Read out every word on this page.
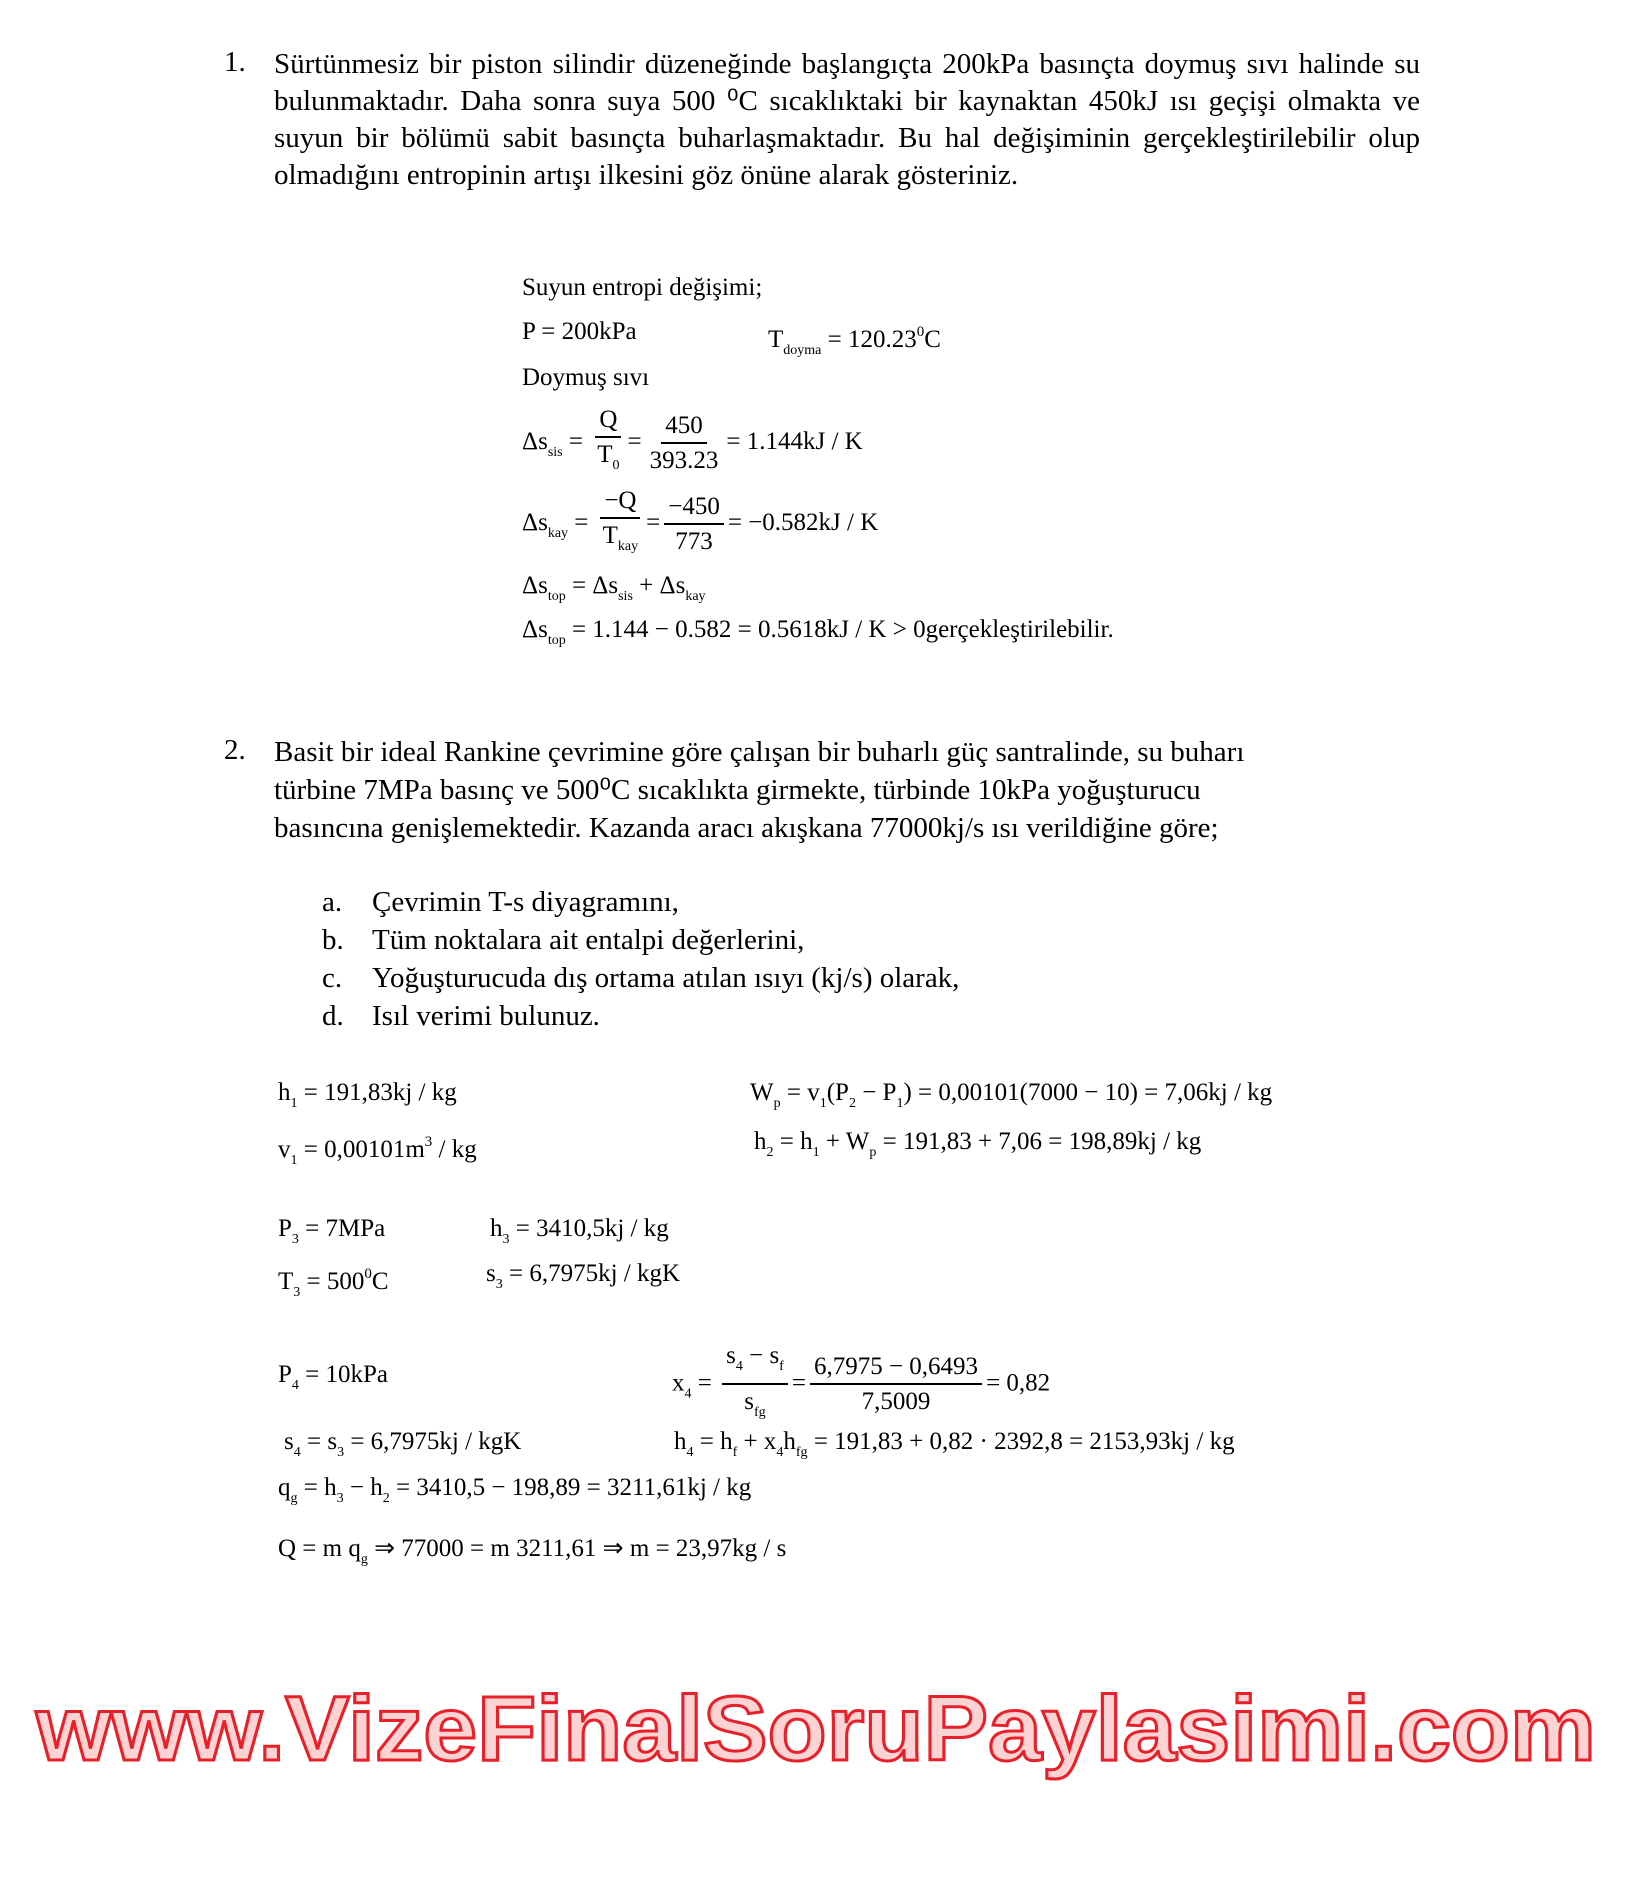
1. Sürtünmesiz bir piston silindir düzeneğinde başlangıçta 200kPa basınçta doymuş sıvı halinde su bulunmaktadır. Daha sonra suya 500 ⁰C sıcaklıktaki bir kaynaktan 450kJ ısı geçişi olmakta ve suyun bir bölümü sabit basınçta buharlaşmaktadır. Bu hal değişiminin gerçekleştirilebilir olup olmadığını entropinin artışı ilkesini göz önüne alarak gösteriniz.
Suyun entropi değişimi;
P = 200kPa	$T_{doyma} = 120.23^0C$
Doymuş sıvı
$\Delta s_{sis} = \frac{Q}{T_0} = \frac{450}{393.23} = 1.144kJ / K$
$\Delta s_{kay} = \frac{-Q}{T_{kay}} = \frac{-450}{773} = -0.582kJ / K$
$\Delta s_{top} = \Delta s_{sis} + \Delta s_{kay}$
$\Delta s_{top} = 1.144 - 0.582 = 0.5618kJ / K$ > 0gerçekleştirilebilir.
2. Basit bir ideal Rankine çevrimine göre çalışan bir buharlı güç santralinde, su buharı
türbine 7MPa basınç ve 500⁰C sıcaklıkta girmekte, türbinde 10kPa yoğuşturucu
basıncına genişlemektedir. Kazanda aracı akışkana 77000kj/s ısı verildiğine göre;
a. Çevrimin T-s diyagramını,
b. Tüm noktalara ait entalpi değerlerini,
c. Yoğuşturucuda dış ortama atılan ısıyı (kj/s) olarak,
d. Isıl verimi bulunuz.
$h_1 = 191,83kj$ / kg	$W_p = v_1(P_2 - P_1) = 0,00101(7000 - 10) = 7,06kj$ / kg
$v_1 = 0,00101m^3$ / kg	$h_2 = h_1 + W_p = 191,83 + 7,06 = 198,89kj$ / kg
$P_3 = 7MPa$	$h_3 = 3410,5kj$ / kg
$T_3 = 500^0C$	$s_3 = 6,7975kj$ / kgK
$P_4 = 10kPa$	$x_4 = \frac{s_4 - s_f}{s_{fg}} = \frac{6,7975 - 0,6493}{7,5009} = 0,82$
$s_4 = s_3 = 6,7975kj$ / kgK	$h_4 = h_f + x_4h_{fg} = 191,83 + 0,82 \cdot 2392,8 = 2153,93kj$ / kg
$q_g = h_3 - h_2 = 3410,5 - 198,89 = 3211,61kj$ / kg
Q = m $q_g$ ⇒ 77000 = m 3211,61 ⇒ m = 23,97kg / s
www.VizeFinalSoruPaylasimi.com
